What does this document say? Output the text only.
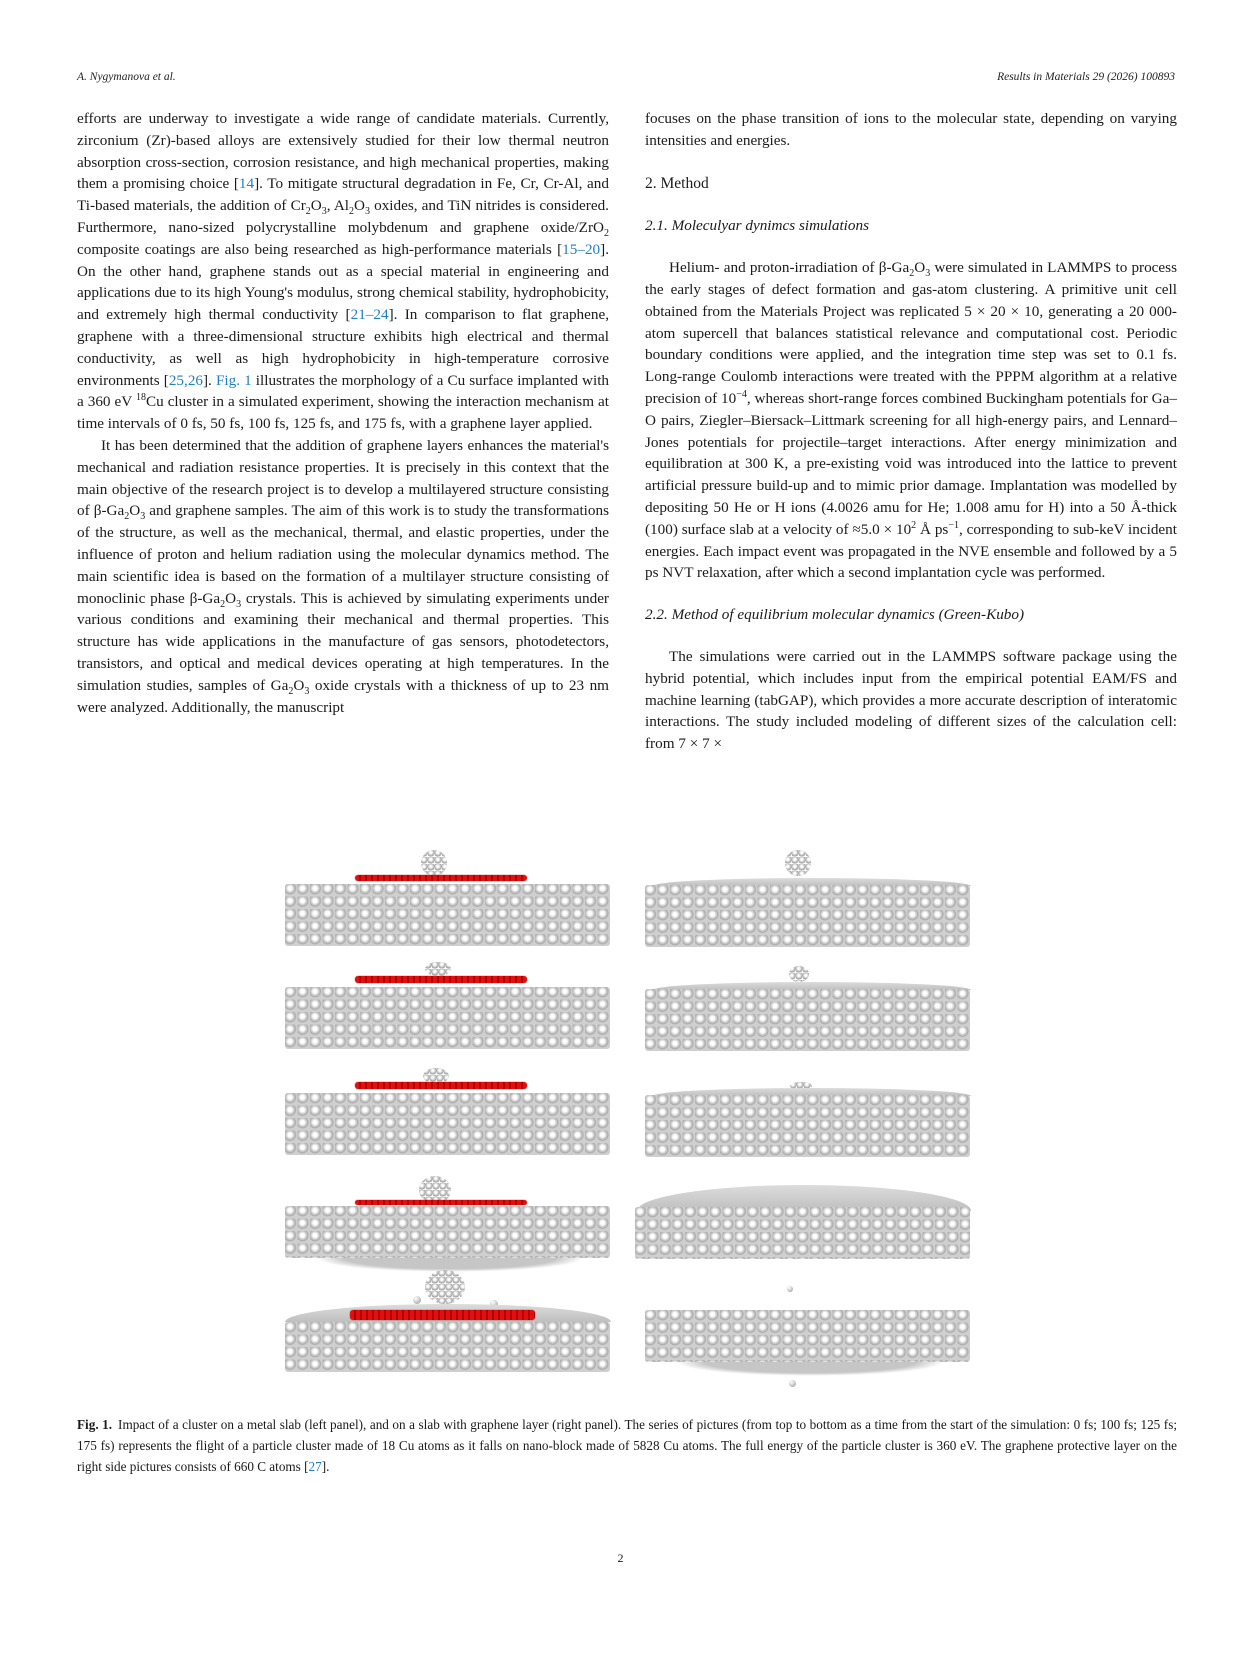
A. Nygymanova et al.	Results in Materials 29 (2026) 100893

efforts are underway to investigate a wide range of candidate materials. Currently, zirconium (Zr)-based alloys are extensively studied for their low thermal neutron absorption cross-section, corrosion resistance, and high mechanical properties, making them a promising choice [14]. To mitigate structural degradation in Fe, Cr, Cr-Al, and Ti-based materials, the addition of $Cr_2O_3$, $Al_2O_3$ oxides, and TiN nitrides is considered. Furthermore, nano-sized polycrystalline molybdenum and graphene oxide/ZrO$_2$ composite coatings are also being researched as high-performance materials [15–20]. On the other hand, graphene stands out as a special material in engineering and applications due to its high Young's modulus, strong chemical stability, hydrophobicity, and extremely high thermal conductivity [21–24]. In comparison to flat graphene, graphene with a three-dimensional structure exhibits high electrical and thermal conductivity, as well as high hydrophobicity in high-temperature corrosive environments [25,26]. Fig. 1 illustrates the morphology of a Cu surface implanted with a 360 eV $^{18}$Cu cluster in a simulated experiment, showing the interaction mechanism at time intervals of 0 fs, 50 fs, 100 fs, 125 fs, and 175 fs, with a graphene layer applied.

It has been determined that the addition of graphene layers enhances the material's mechanical and radiation resistance properties. It is precisely in this context that the main objective of the research project is to develop a multilayered structure consisting of $\beta-Ga_2O_3$ and graphene samples. The aim of this work is to study the transformations of the structure, as well as the mechanical, thermal, and elastic properties, under the influence of proton and helium radiation using the molecular dynamics method. The main scientific idea is based on the formation of a multilayer structure consisting of monoclinic phase $\beta-Ga_2O_3$ crystals. This is achieved by simulating experiments under various conditions and examining their mechanical and thermal properties. This structure has wide applications in the manufacture of gas sensors, photodetectors, transistors, and optical and medical devices operating at high temperatures. In the simulation studies, samples of $Ga_2O_3$ oxide crystals with a thickness of up to 23 nm were analyzed. Additionally, the manuscript

focuses on the phase transition of ions to the molecular state, depending on varying intensities and energies.

2. Method

2.1. Moleculyar dynimcs simulations

Helium- and proton-irradiation of $\beta-Ga_2O_3$ were simulated in LAMMPS to process the early stages of defect formation and gas-atom clustering. A primitive unit cell obtained from the Materials Project was replicated 5 × 20 × 10, generating a 20 000-atom supercell that balances statistical relevance and computational cost. Periodic boundary conditions were applied, and the integration time step was set to 0.1 fs. Long-range Coulomb interactions were treated with the PPPM algorithm at a relative precision of $10^{-4}$, whereas short-range forces combined Buckingham potentials for Ga–O pairs, Ziegler–Biersack–Littmark screening for all high-energy pairs, and Lennard–Jones potentials for projectile–target interactions. After energy minimization and equilibration at 300 K, a pre-existing void was introduced into the lattice to prevent artificial pressure build-up and to mimic prior damage. Implantation was modelled by depositing 50 He or H ions (4.0026 amu for He; 1.008 amu for H) into a 50 Å-thick (100) surface slab at a velocity of $\approx 5.0 \times 10^2$ Å $ps^{-1}$, corresponding to sub-keV incident energies. Each impact event was propagated in the NVE ensemble and followed by a 5 ps NVT relaxation, after which a second implantation cycle was performed.

2.2. Method of equilibrium molecular dynamics (Green-Kubo)

The simulations were carried out in the LAMMPS software package using the hybrid potential, which includes input from the empirical potential EAM/FS and machine learning (tabGAP), which provides a more accurate description of interatomic interactions. The study included modeling of different sizes of the calculation cell: from 7 × 7 ×

Fig. 1. Impact of a cluster on a metal slab (left panel), and on a slab with graphene layer (right panel). The series of pictures (from top to bottom as a time from the start of the simulation: 0 fs; 100 fs; 125 fs; 175 fs) represents the flight of a particle cluster made of 18 Cu atoms as it falls on nano-block made of 5828 Cu atoms. The full energy of the particle cluster is 360 eV. The graphene protective layer on the right side pictures consists of 660 C atoms [27].
2
